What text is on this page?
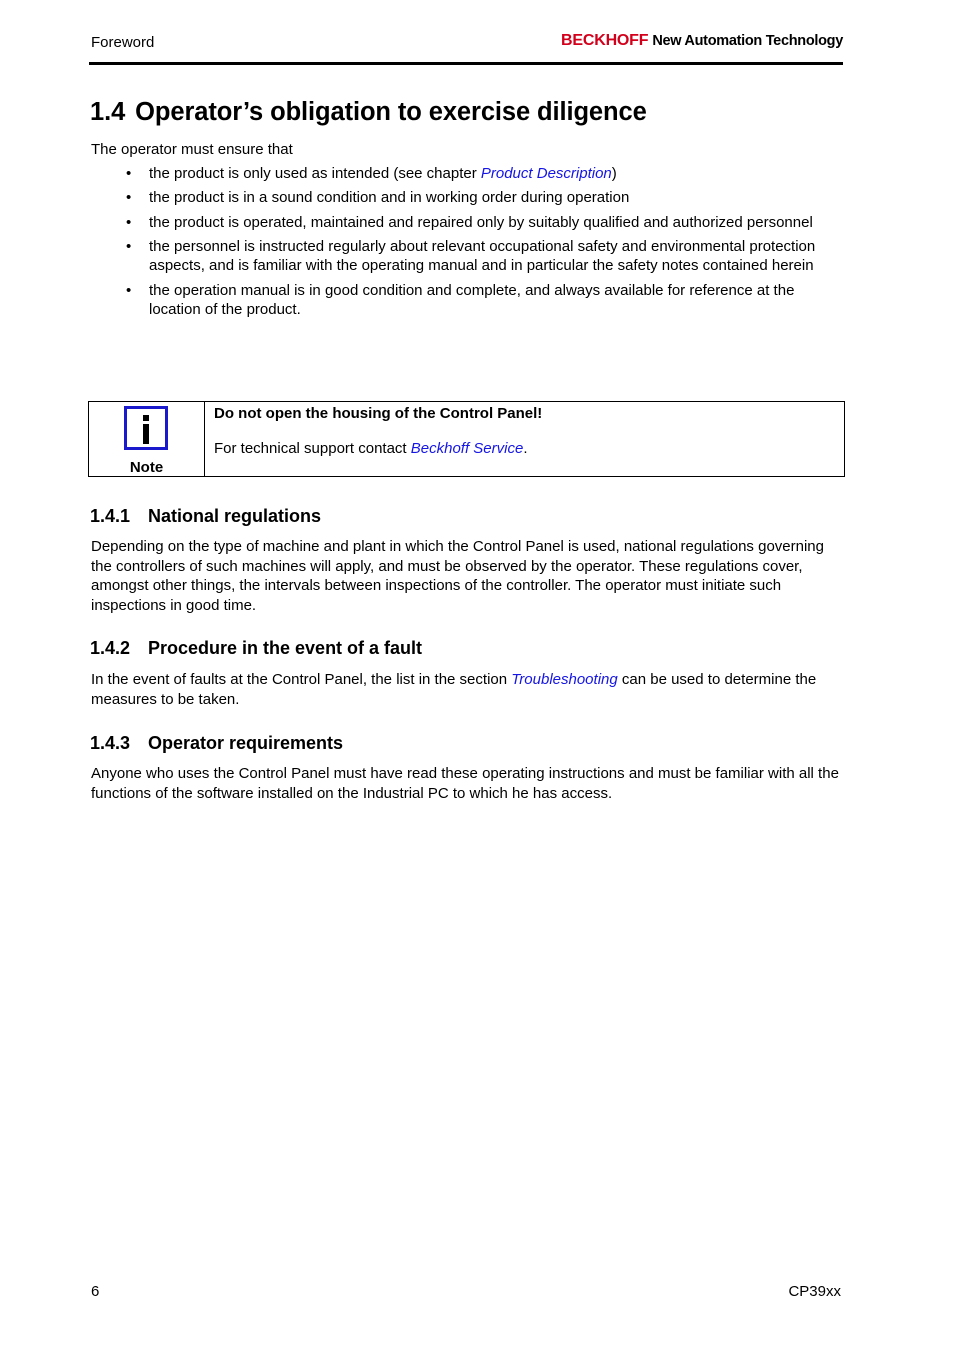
Foreword	BECKHOFF New Automation Technology
1.4 Operator’s obligation to exercise diligence

The operator must ensure that

• the product is only used as intended (see chapter Product Description)
• the product is in a sound condition and in working order during operation
• the product is operated, maintained and repaired only by suitably qualified and authorized personnel
• the personnel is instructed regularly about relevant occupational safety and environmental protection aspects, and is familiar with the operating manual and in particular the safety notes contained herein
• the operation manual is in good condition and complete, and always available for reference at the location of the product.
Note
Do not open the housing of the Control Panel!
For technical support contact Beckhoff Service.
1.4.1 National regulations

Depending on the type of machine and plant in which the Control Panel is used, national regulations governing the controllers of such machines will apply, and must be observed by the operator. These regulations cover, amongst other things, the intervals between inspections of the controller. The operator must initiate such inspections in good time.

1.4.2 Procedure in the event of a fault

In the event of faults at the Control Panel, the list in the section Troubleshooting can be used to determine the measures to be taken.

1.4.3 Operator requirements

Anyone who uses the Control Panel must have read these operating instructions and must be familiar with all the functions of the software installed on the Industrial PC to which he has access.

6	CP39xx
